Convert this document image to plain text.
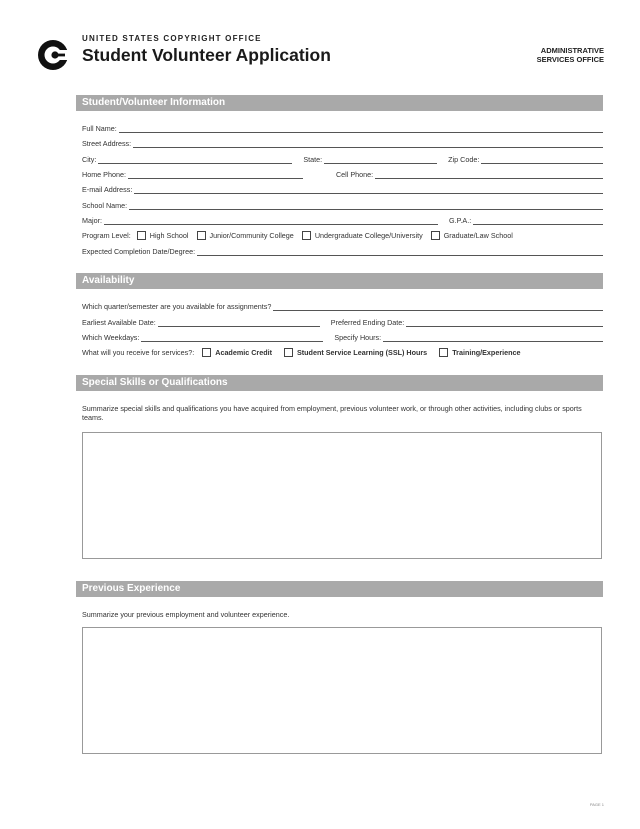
UNITED STATES COPYRIGHT OFFICE
Student Volunteer Application	ADMINISTRATIVE
SERVICES OFFICE
Student/Volunteer Information
Full Name:
Street Address:
City:	State:	Zip Code:
Home Phone:	Cell Phone:
E-mail Address:
School Name:
Major:	G.P.A.:
Program Level:	High School	Junior/Community College	Undergraduate College/University	Graduate/Law School
Expected Completion Date/Degree:
Availability
Which quarter/semester are you available for assignments?
Earliest Available Date:	Preferred Ending Date:
Which Weekdays:	Specify Hours:
What will you receive for services?:	Academic Credit	Student Service Learning (SSL) Hours	Training/Experience
Special Skills or Qualifications
Summarize special skills and qualifications you have acquired from employment, previous volunteer work, or through other activities, including clubs or sports teams.
Previous Experience
Summarize your previous employment and volunteer experience.
PAGE 1
